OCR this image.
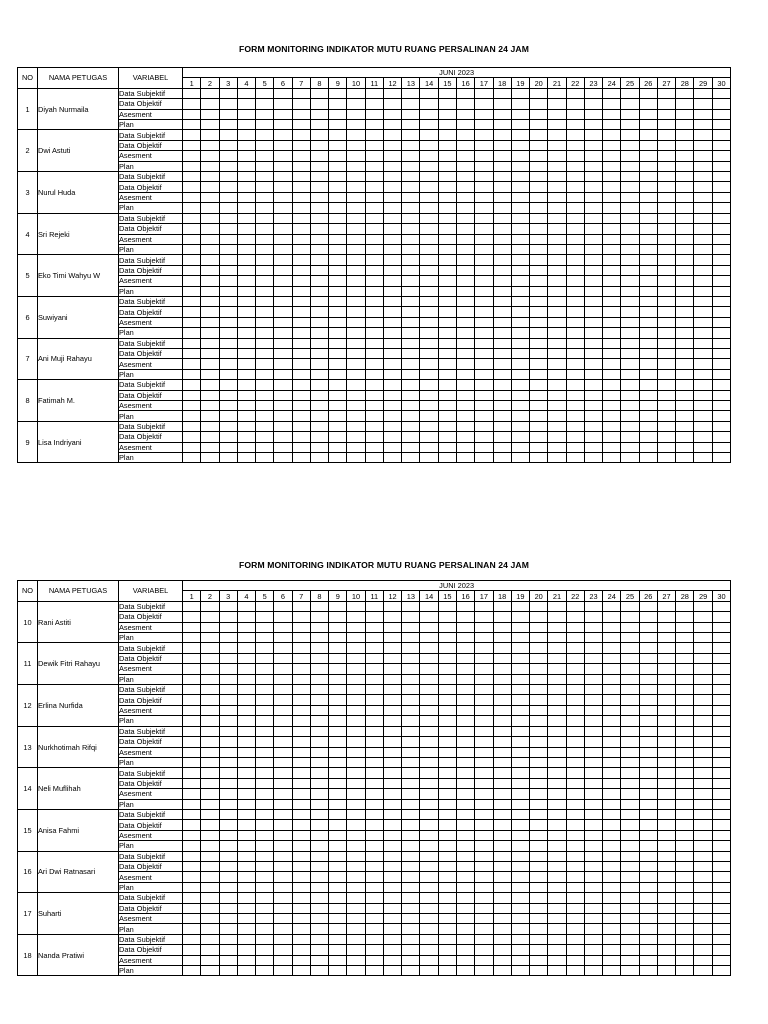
FORM MONITORING INDIKATOR MUTU RUANG PERSALINAN 24 JAM
NO	NAMA PETUGAS	VARIABEL	JUNI 2023																													
			1	2	3	4	5	6	7	8	9	10	11	12	13	14	15	16	17	18	19	20	21	22	23	24	25	26	27	28	29	30
1	Diyah Nurmaila	Data Subjektif																														
		Data Objektif																														
		Asesment																														
		Plan																														
2	Dwi Astuti	Data Subjektif																														
		Data Objektif																														
		Asesment																														
		Plan																														
3	Nurul Huda	Data Subjektif																														
		Data Objektif																														
		Asesment																														
		Plan																														
4	Sri Rejeki	Data Subjektif																														
		Data Objektif																														
		Asesment																														
		Plan																														
5	Eko Timi Wahyu W	Data Subjektif																														
		Data Objektif																														
		Asesment																														
		Plan																														
6	Suwiyani	Data Subjektif																														
		Data Objektif																														
		Asesment																														
		Plan																														
7	Ani Muji Rahayu	Data Subjektif																														
		Data Objektif																														
		Asesment																														
		Plan																														
8	Fatimah M.	Data Subjektif																														
		Data Objektif																														
		Asesment																														
		Plan																														
9	Lisa Indriyani	Data Subjektif																														
		Data Objektif																														
		Asesment																														
		Plan																														
FORM MONITORING INDIKATOR MUTU RUANG PERSALINAN 24 JAM
NO	NAMA PETUGAS	VARIABEL	JUNI 2023																													
			1	2	3	4	5	6	7	8	9	10	11	12	13	14	15	16	17	18	19	20	21	22	23	24	25	26	27	28	29	30
10	Rani Astiti	Data Subjektif																														
		Data Objektif																														
		Asesment																														
		Plan																														
11	Dewik Fitri Rahayu	Data Subjektif																														
		Data Objektif																														
		Asesment																														
		Plan																														
12	Erlina Nurfida	Data Subjektif																														
		Data Objektif																														
		Asesment																														
		Plan																														
13	Nurkhotimah Rifqi	Data Subjektif																														
		Data Objektif																														
		Asesment																														
		Plan																														
14	Neli Muflihah	Data Subjektif																														
		Data Objektif																														
		Asesment																														
		Plan																														
15	Anisa Fahmi	Data Subjektif																														
		Data Objektif																														
		Asesment																														
		Plan																														
16	Ari Dwi Ratnasari	Data Subjektif																														
		Data Objektif																														
		Asesment																														
		Plan																														
17	Suharti	Data Subjektif																														
		Data Objektif																														
		Asesment																														
		Plan																														
18	Nanda Pratiwi	Data Subjektif																														
		Data Objektif																														
		Asesment																														
		Plan																														
